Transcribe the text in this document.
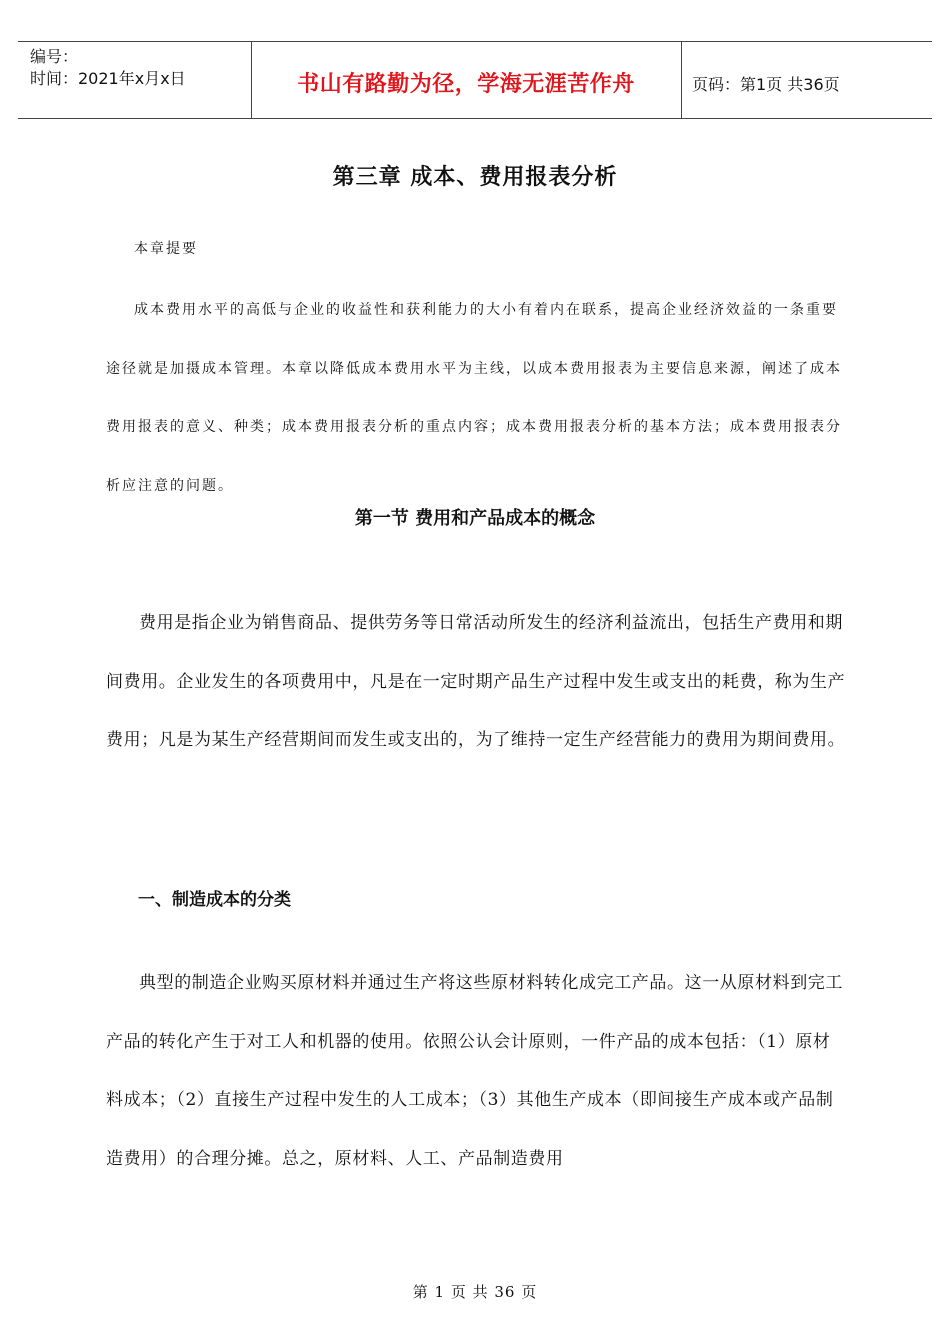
编号：
时间：2021年x月x日	书山有路勤为径，学海无涯苦作舟	页码：第1页 共36页
第三章 成本、费用报表分析
本章提要
成本费用水平的高低与企业的收益性和获利能力的大小有着内在联系，提高企业经济效益的一条重要途径就是加摄成本管理。本章以降低成本费用水平为主线，以成本费用报表为主要信息来源，阐述了成本费用报表的意义、种类；成本费用报表分析的重点内容；成本费用报表分析的基本方法；成本费用报表分析应注意的问题。
第一节 费用和产品成本的概念
费用是指企业为销售商品、提供劳务等日常活动所发生的经济利益流出，包括生产费用和期间费用。企业发生的各项费用中，凡是在一定时期产品生产过程中发生或支出的耗费，称为生产费用；凡是为某生产经营期间而发生或支出的，为了维持一定生产经营能力的费用为期间费用。
一、制造成本的分类
典型的制造企业购买原材料并通过生产将这些原材料转化成完工产品。这一从原材料到完工产品的转化产生于对工人和机器的使用。依照公认会计原则，一件产品的成本包括：（1）原材料成本；（2）直接生产过程中发生的人工成本；（3）其他生产成本（即间接生产成本或产品制造费用）的合理分摊。总之，原材料、人工、产品制造费用
第 1 页 共 36 页
